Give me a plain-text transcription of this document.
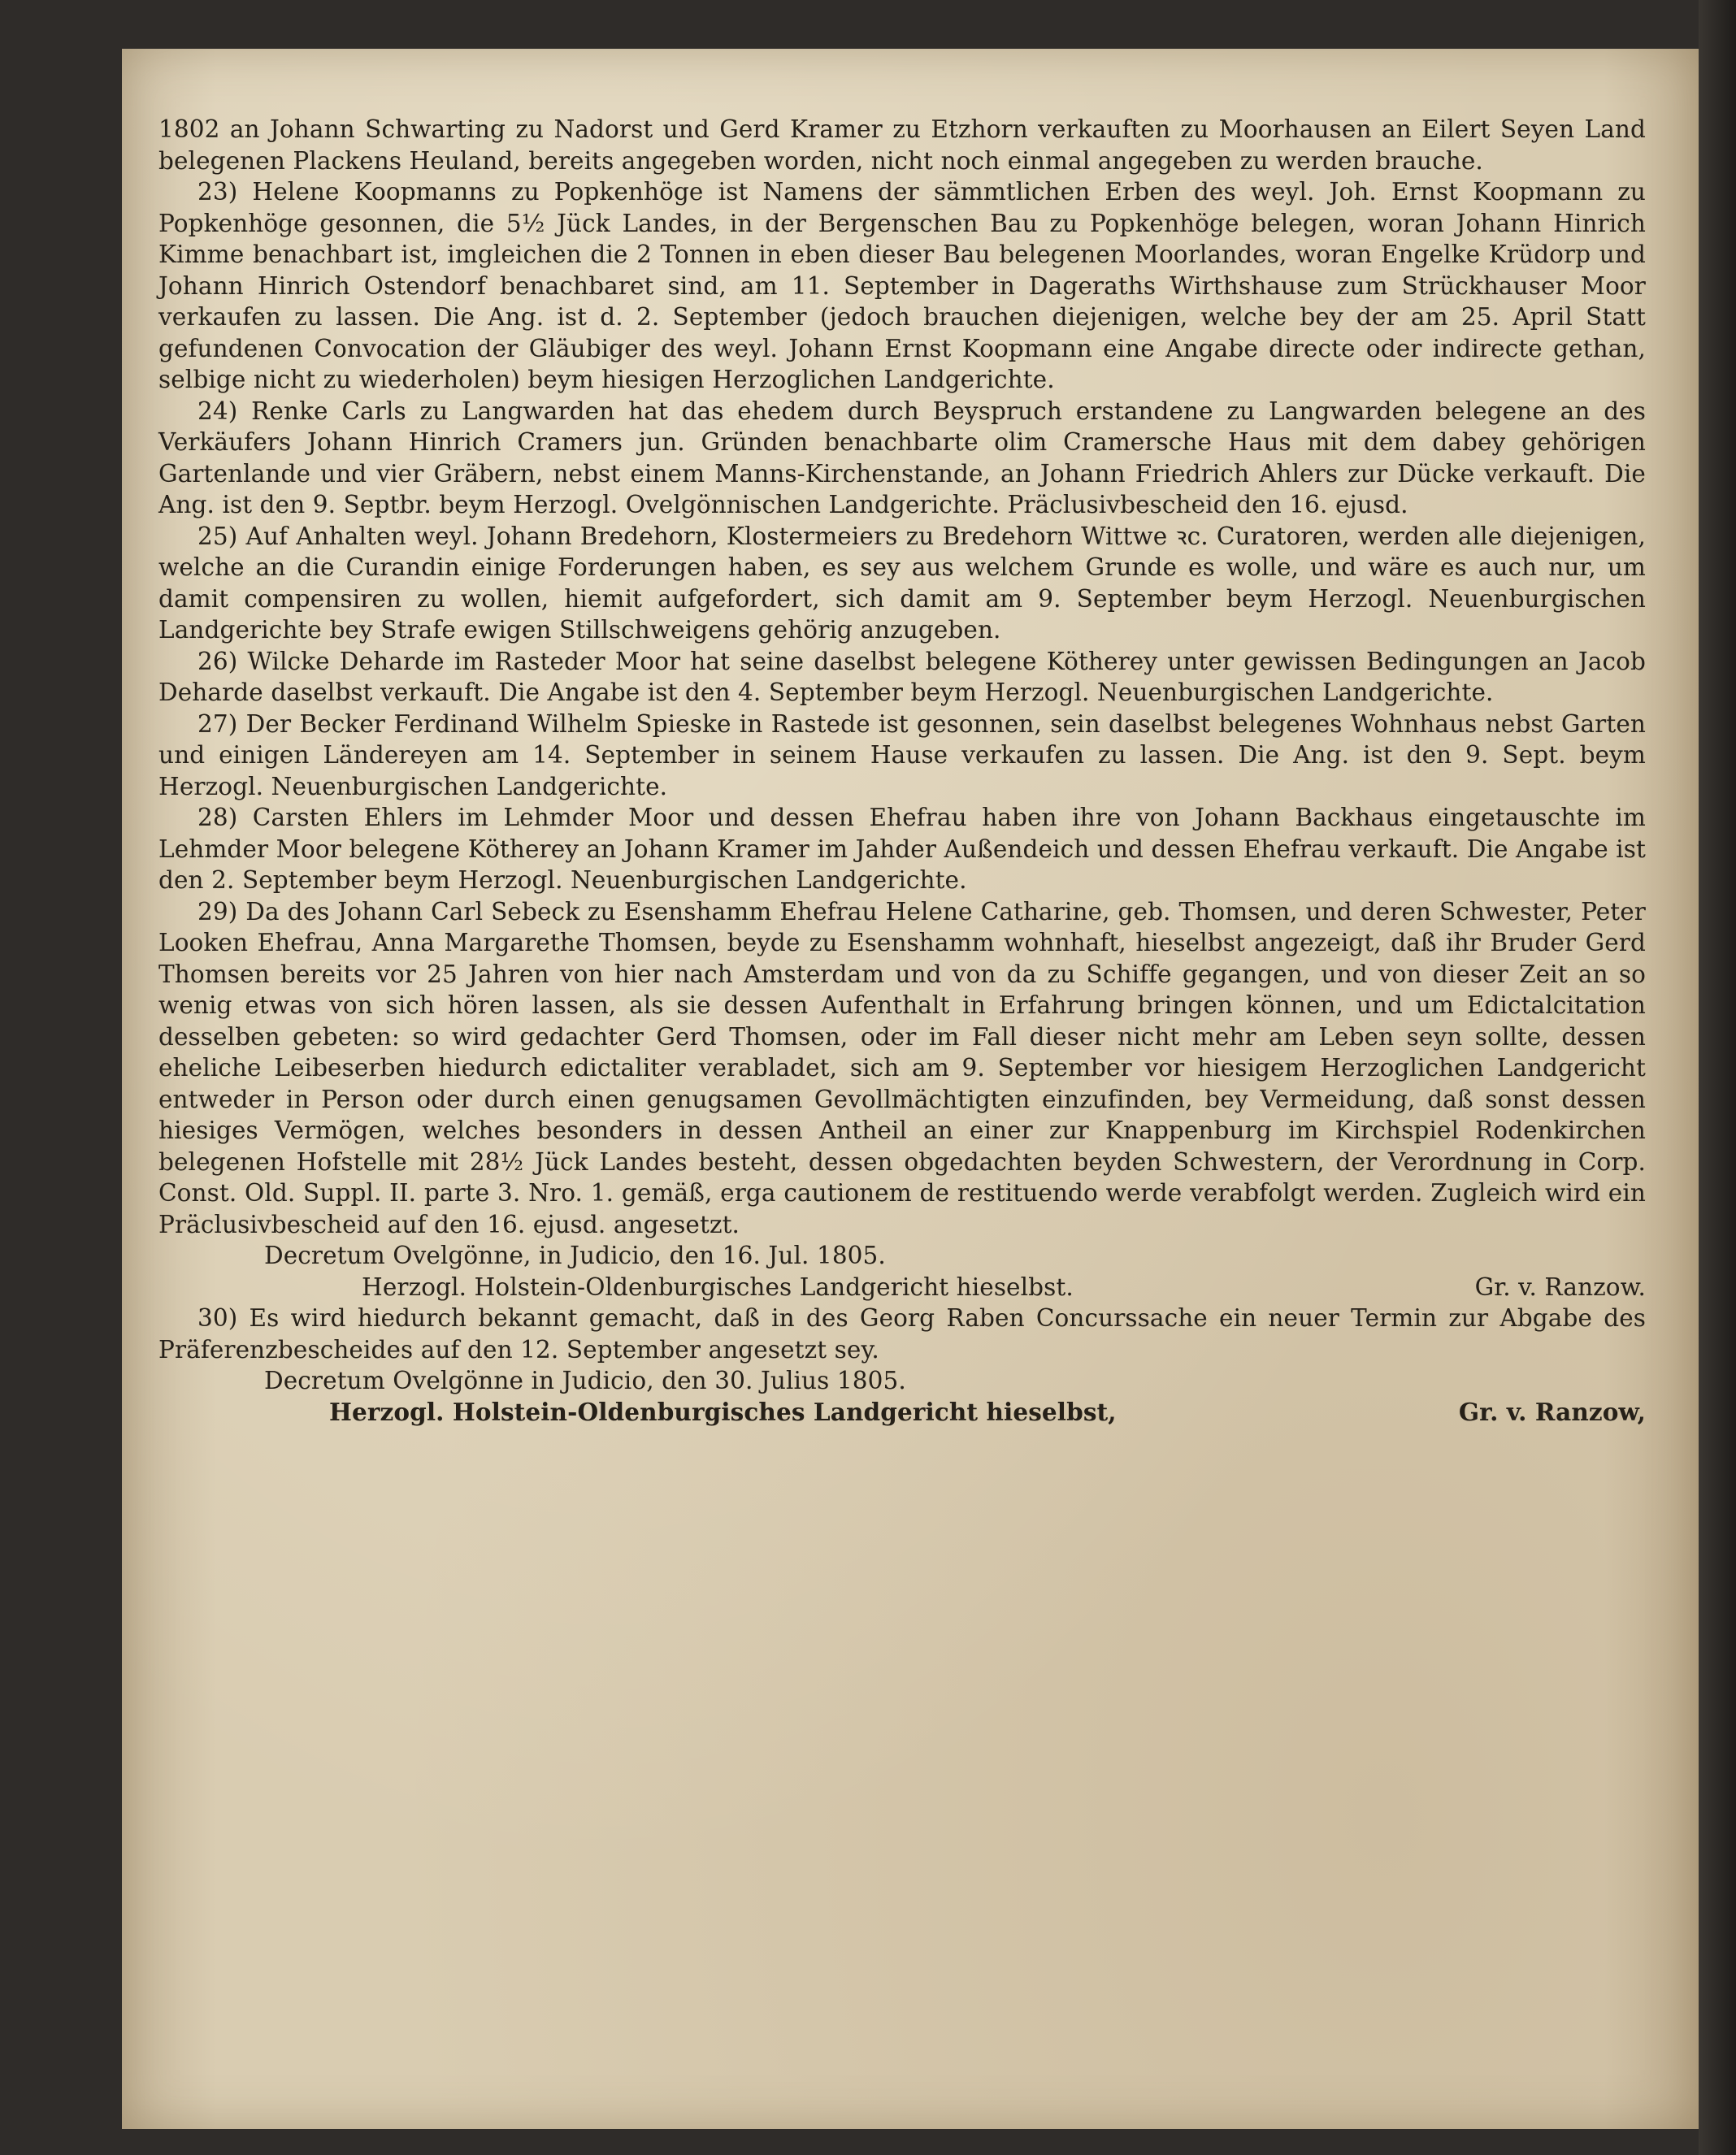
1802 an Johann Schwarting zu Nadorst und Gerd Kramer zu Etzhorn verkauften zu Moorhausen an Eilert Seyen Land belegenen Plackens Heuland, bereits angegeben worden, nicht noch einmal angegeben zu werden brauche.

23) Helene Koopmanns zu Popkenhöge ist Namens der sämmtlichen Erben des weyl. Joh. Ernst Koopmann zu Popkenhöge gesonnen, die 5½ Jück Landes, in der Bergenschen Bau zu Popkenhöge belegen, woran Johann Hinrich Kimme benachbart ist, imgleichen die 2 Tonnen in eben dieser Bau belegenen Moorlandes, woran Engelke Krüdorp und Johann Hinrich Ostendorf benachbaret sind, am 11. September in Dageraths Wirthshause zum Strückhauser Moor verkaufen zu lassen. Die Ang. ist d. 2. September (jedoch brauchen diejenigen, welche bey der am 25. April Statt gefundenen Convocation der Gläubiger des weyl. Johann Ernst Koopmann eine Angabe directe oder indirecte gethan, selbige nicht zu wiederholen) beym hiesigen Herzoglichen Landgerichte.

24) Renke Carls zu Langwarden hat das ehedem durch Beyspruch erstandene zu Langwarden belegene an des Verkäufers Johann Hinrich Cramers jun. Gründen benachbarte olim Cramersche Haus mit dem dabey gehörigen Gartenlande und vier Gräbern, nebst einem Manns-Kirchenstande, an Johann Friedrich Ahlers zur Dücke verkauft. Die Ang. ist den 9. Septbr. beym Herzogl. Ovelgönnischen Landgerichte. Präclusivbescheid den 16. ejusd.

25) Auf Anhalten weyl. Johann Bredehorn, Klostermeiers zu Bredehorn Wittwe ꝛc. Curatoren, werden alle diejenigen, welche an die Curandin einige Forderungen haben, es sey aus welchem Grunde es wolle, und wäre es auch nur, um damit compensiren zu wollen, hiemit aufgefordert, sich damit am 9. September beym Herzogl. Neuenburgischen Landgerichte bey Strafe ewigen Stillschweigens gehörig anzugeben.

26) Wilcke Deharde im Rasteder Moor hat seine daselbst belegene Kötherey unter gewissen Bedingungen an Jacob Deharde daselbst verkauft. Die Angabe ist den 4. September beym Herzogl. Neuenburgischen Landgerichte.

27) Der Becker Ferdinand Wilhelm Spieske in Rastede ist gesonnen, sein daselbst belegenes Wohnhaus nebst Garten und einigen Ländereyen am 14. September in seinem Hause verkaufen zu lassen. Die Ang. ist den 9. Sept. beym Herzogl. Neuenburgischen Landgerichte.

28) Carsten Ehlers im Lehmder Moor und dessen Ehefrau haben ihre von Johann Backhaus eingetauschte im Lehmder Moor belegene Kötherey an Johann Kramer im Jahder Außendeich und dessen Ehefrau verkauft. Die Angabe ist den 2. September beym Herzogl. Neuenburgischen Landgerichte.

29) Da des Johann Carl Sebeck zu Esenshamm Ehefrau Helene Catharine, geb. Thomsen, und deren Schwester, Peter Looken Ehefrau, Anna Margarethe Thomsen, beyde zu Esenshamm wohnhaft, hieselbst angezeigt, daß ihr Bruder Gerd Thomsen bereits vor 25 Jahren von hier nach Amsterdam und von da zu Schiffe gegangen, und von dieser Zeit an so wenig etwas von sich hören lassen, als sie dessen Aufenthalt in Erfahrung bringen können, und um Edictalcitation desselben gebeten: so wird gedachter Gerd Thomsen, oder im Fall dieser nicht mehr am Leben seyn sollte, dessen eheliche Leibeserben hiedurch edictaliter verabladet, sich am 9. September vor hiesigem Herzoglichen Landgericht entweder in Person oder durch einen genugsamen Gevollmächtigten einzufinden, bey Vermeidung, daß sonst dessen hiesiges Vermögen, welches besonders in dessen Antheil an einer zur Knappenburg im Kirchspiel Rodenkirchen belegenen Hofstelle mit 28½ Jück Landes besteht, dessen obgedachten beyden Schwestern, der Verordnung in Corp. Const. Old. Suppl. II. parte 3. Nro. 1. gemäß, erga cautionem de restituendo werde verabfolgt werden. Zugleich wird ein Präclusivbescheid auf den 16. ejusd. angesetzt.

Decretum Ovelgönne, in Judicio, den 16. Jul. 1805.

Herzogl. Holstein-Oldenburgisches Landgericht hieselbst.	Gr. v. Ranzow.

30) Es wird hiedurch bekannt gemacht, daß in des Georg Raben Concurssache ein neuer Termin zur Abgabe des Präferenzbescheides auf den 12. September angesetzt sey.

Decretum Ovelgönne in Judicio, den 30. Julius 1805.

Herzogl. Holstein-Oldenburgisches Landgericht hieselbst,	Gr. v. Ranzow,
